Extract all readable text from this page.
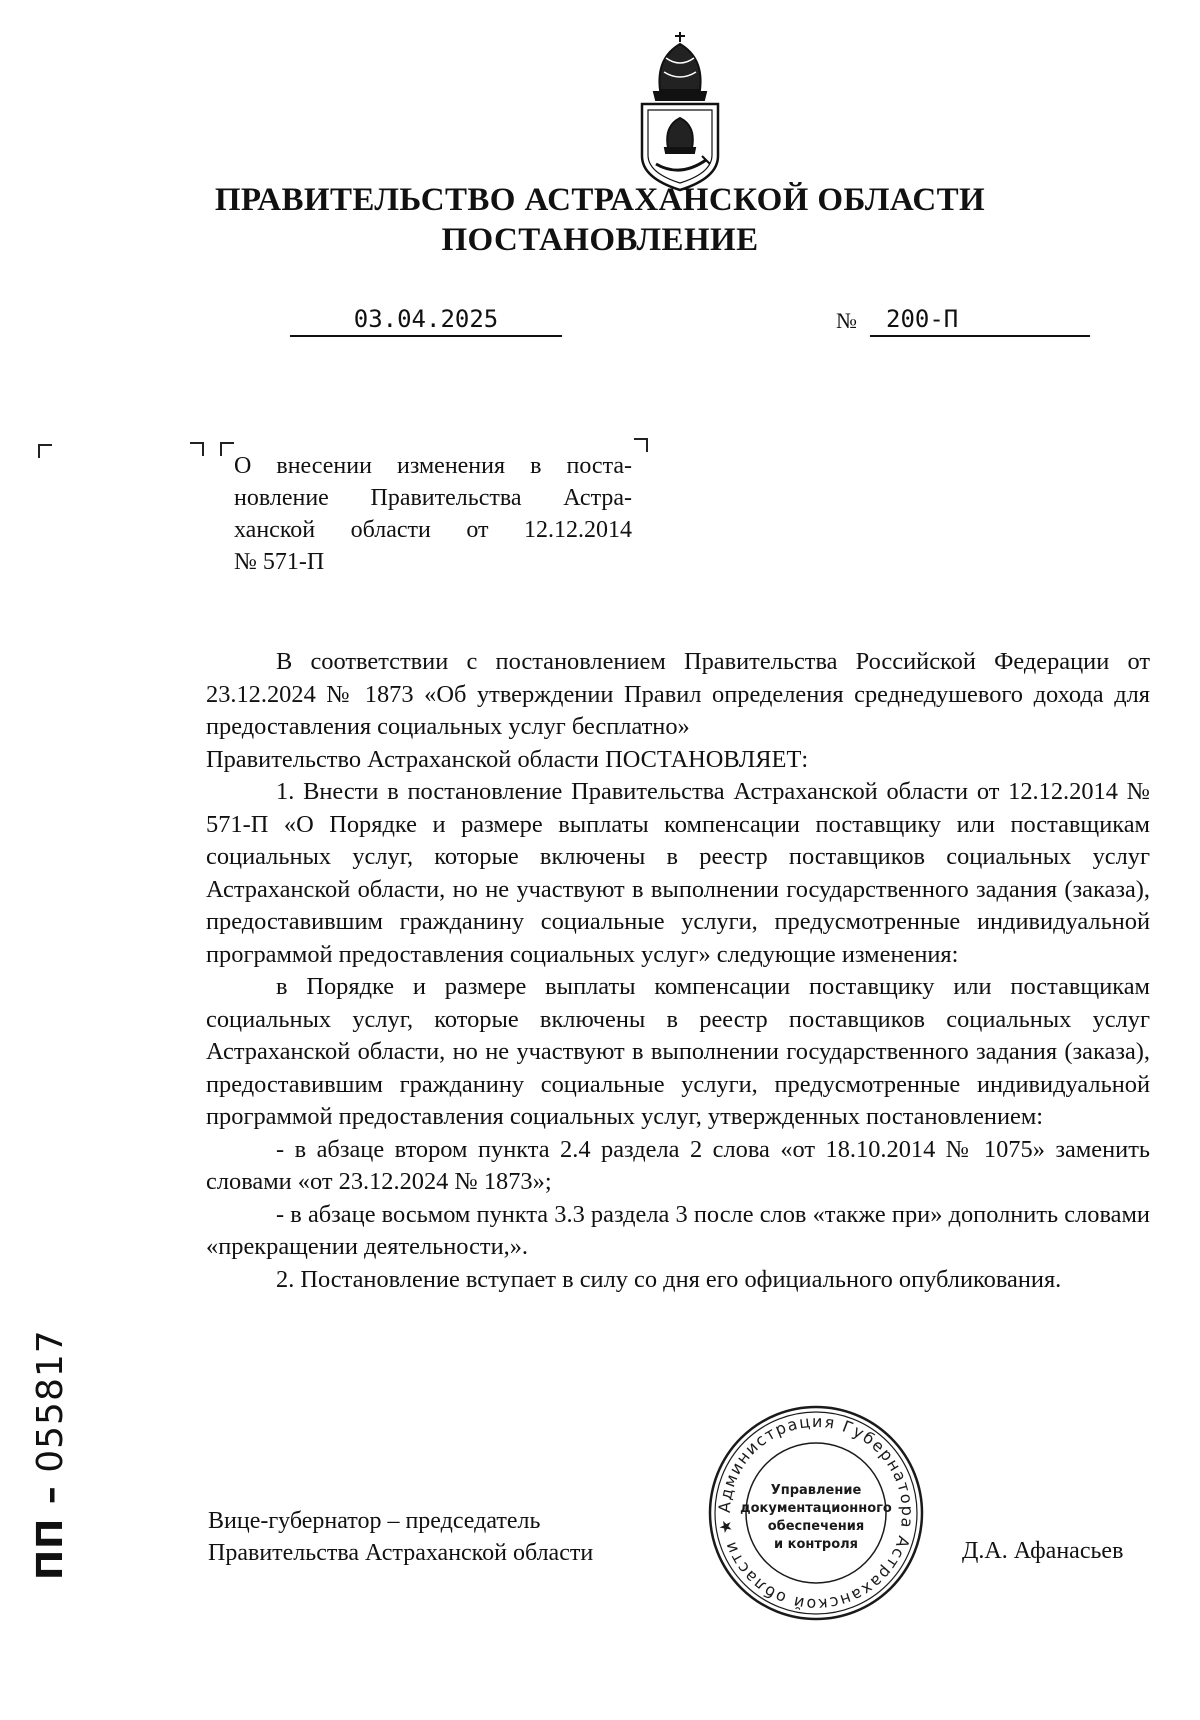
ПРАВИТЕЛЬСТВО АСТРАХАНСКОЙ ОБЛАСТИ
ПОСТАНОВЛЕНИЕ
03.04.2025	№	200-П
О внесении изменения в поста-
новление Правительства Астра-
ханской области от 12.12.2014
№ 571-П

В соответствии с постановлением Правительства Российской Федерации от 23.12.2024 № 1873 «Об утверждении Правил определения среднедушевого дохода для предоставления социальных услуг бесплатно»

Правительство Астраханской области ПОСТАНОВЛЯЕТ:

1. Внести в постановление Правительства Астраханской области от 12.12.2014 № 571-П «О Порядке и размере выплаты компенсации поставщику или поставщикам социальных услуг, которые включены в реестр поставщиков социальных услуг Астраханской области, но не участвуют в выполнении государственного задания (заказа), предоставившим гражданину социальные услуги, предусмотренные индивидуальной программой предоставления социальных услуг» следующие изменения:

в Порядке и размере выплаты компенсации поставщику или поставщикам социальных услуг, которые включены в реестр поставщиков социальных услуг Астраханской области, но не участвуют в выполнении государственного задания (заказа), предоставившим гражданину социальные услуги, предусмотренные индивидуальной программой предоставления социальных услуг, утвержденных постановлением:

- в абзаце втором пункта 2.4 раздела 2 слова «от 18.10.2014 № 1075» заменить словами «от 23.12.2024 № 1873»;

- в абзаце восьмом пункта 3.3 раздела 3 после слов «также при» дополнить словами «прекращении деятельности,».

2. Постановление вступает в силу со дня его официального опубликования.

Вице-губернатор – председатель
Правительства Астраханской области	Д.А. Афанасьев
Администрация Губернатора Астраханской области ★
Управление
документационного
обеспечения
и контроля
ПП – 055817
